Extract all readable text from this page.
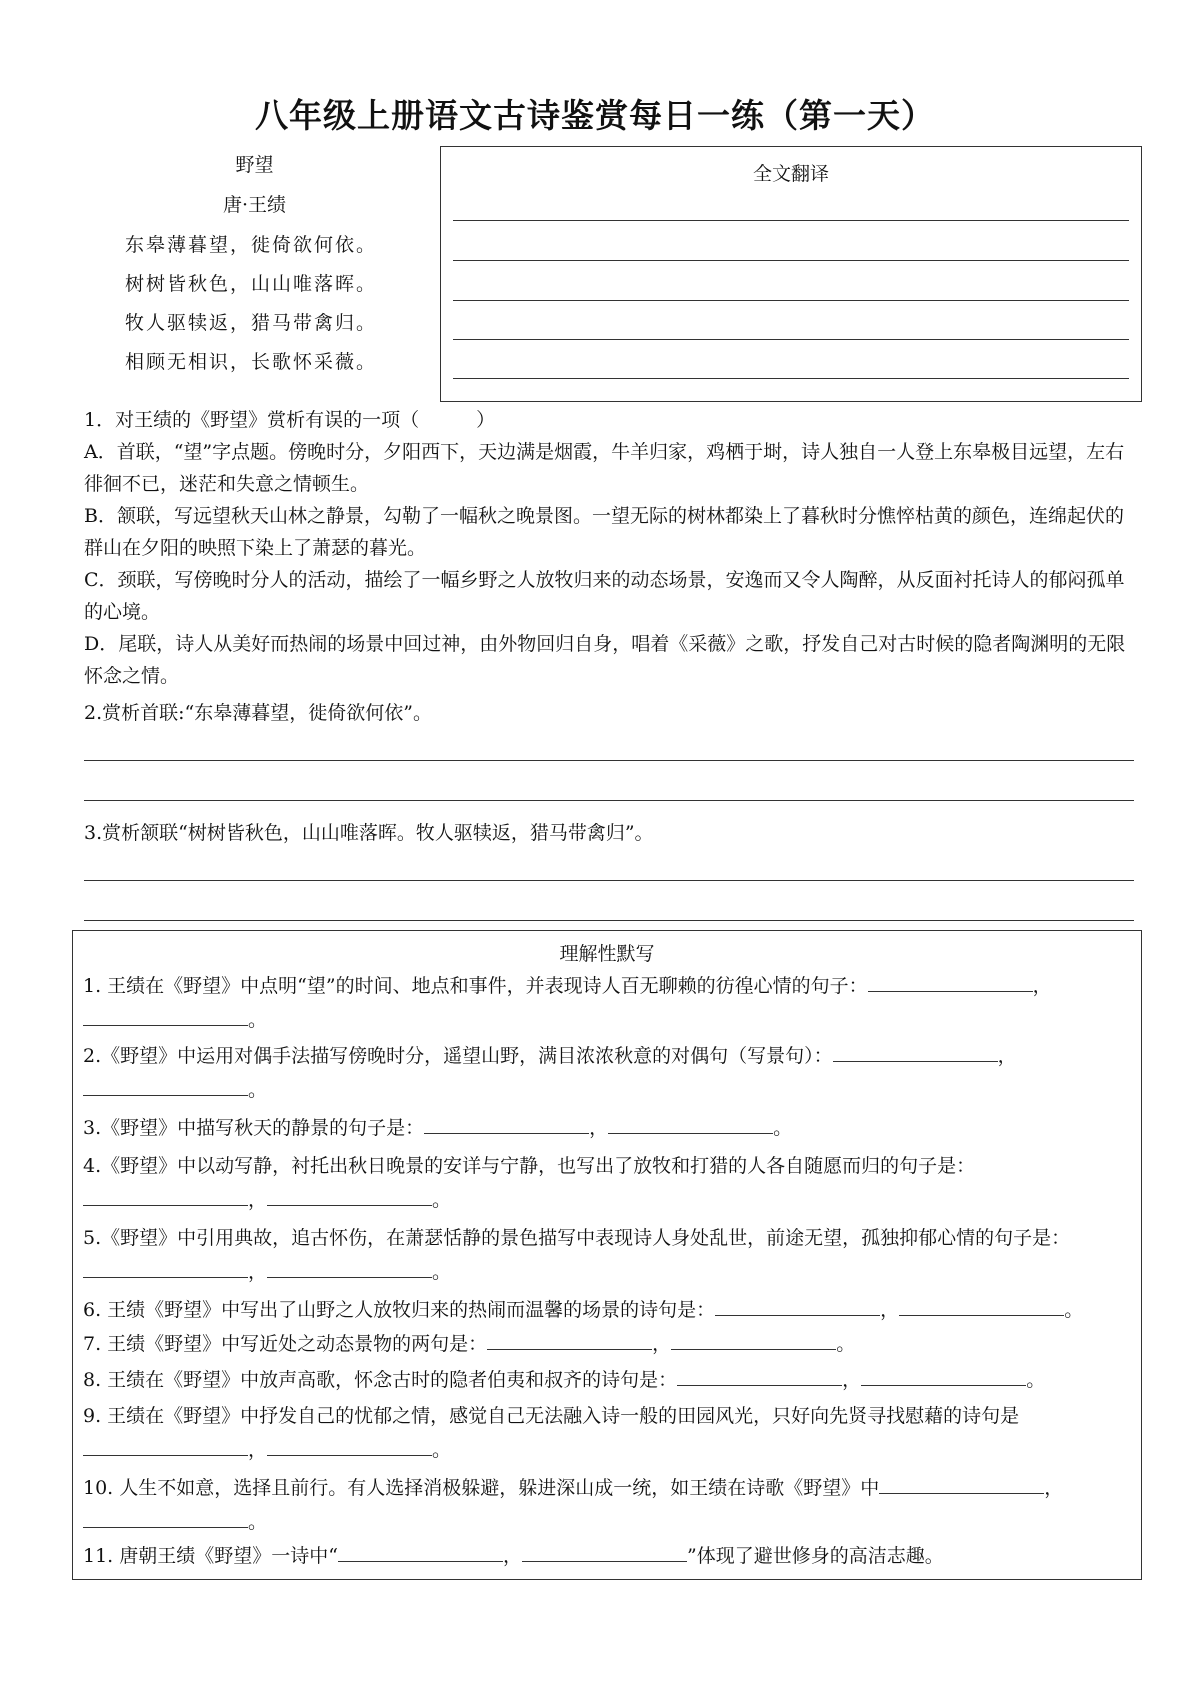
八年级上册语文古诗鉴赏每日一练（第一天）
野望
唐·王绩
东皋薄暮望，徙倚欲何依。
树树皆秋色，山山唯落晖。
牧人驱犊返，猎马带禽归。
相顾无相识，长歌怀采薇。
全文翻译

1．对王绩的《野望》赏析有误的一项（　　　）

A．首联，“望”字点题。傍晚时分，夕阳西下，天边满是烟霞，牛羊归家，鸡栖于埘，诗人独自一人登上东皋极目远望，左右徘徊不已，迷茫和失意之情顿生。

B．颔联，写远望秋天山林之静景，勾勒了一幅秋之晚景图。一望无际的树林都染上了暮秋时分憔悴枯黄的颜色，连绵起伏的群山在夕阳的映照下染上了萧瑟的暮光。

C．颈联，写傍晚时分人的活动，描绘了一幅乡野之人放牧归来的动态场景，安逸而又令人陶醉，从反面衬托诗人的郁闷孤单的心境。

D．尾联，诗人从美好而热闹的场景中回过神，由外物回归自身，唱着《采薇》之歌，抒发自己对古时候的隐者陶渊明的无限怀念之情。

2.赏析首联:“东皋薄暮望，徙倚欲何依”。
3.赏析颔联“树树皆秋色，山山唯落晖。牧人驱犊返，猎马带禽归”。
理解性默写

1. 王绩在《野望》中点明“望”的时间、地点和事件，并表现诗人百无聊赖的彷徨心情的句子：	，。

2.《野望》中运用对偶手法描写傍晚时分，遥望山野，满目浓浓秋意的对偶句（写景句）：	，。

3.《野望》中描写秋天的静景的句子是：	，	。

4.《野望》中以动写静，衬托出秋日晚景的安详与宁静，也写出了放牧和打猎的人各自随愿而归的句子是：，	。

5.《野望》中引用典故，追古怀伤，在萧瑟恬静的景色描写中表现诗人身处乱世，前途无望，孤独抑郁心情的句子是：，	。

6. 王绩《野望》中写出了山野之人放牧归来的热闹而温馨的场景的诗句是：	，	。

7. 王绩《野望》中写近处之动态景物的两句是：	，	。

8. 王绩在《野望》中放声高歌，怀念古时的隐者伯夷和叔齐的诗句是：	，	。

9. 王绩在《野望》中抒发自己的忧郁之情，感觉自己无法融入诗一般的田园风光，只好向先贤寻找慰藉的诗句是，	。

10. 人生不如意，选择且前行。有人选择消极躲避，躲进深山成一统，如王绩在诗歌《野望》中	，。

11. 唐朝王绩《野望》一诗中“	，	”体现了避世修身的高洁志趣。
